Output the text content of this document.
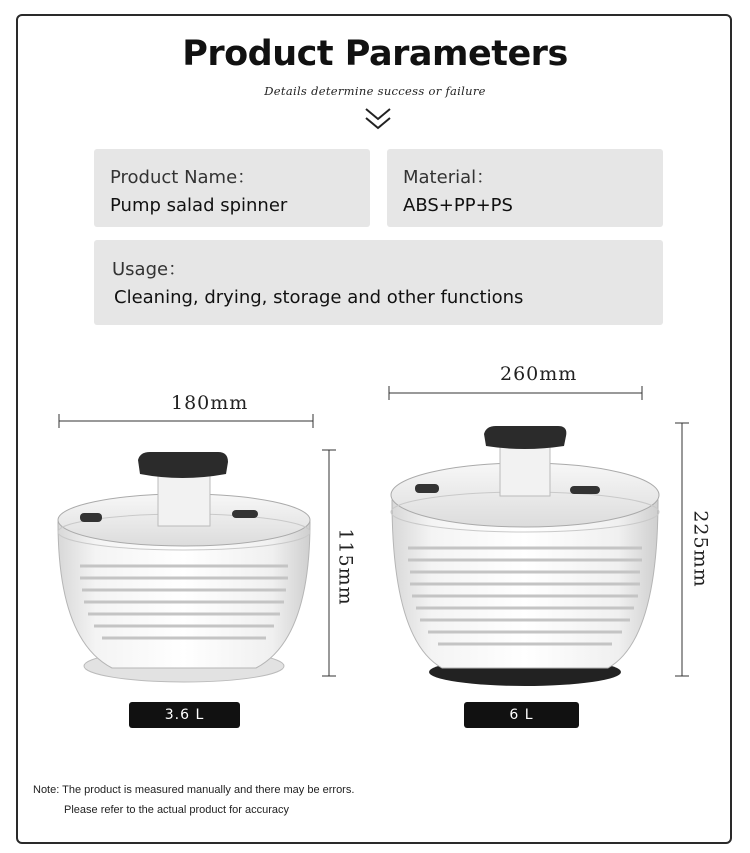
Product Parameters
Details determine success or failure
Product Name：
Pump salad spinner
Material：
ABS+PP+PS
Usage：
Cleaning, drying, storage and other functions
180mm
260mm
115mm	225mm
3.6 L	6 L
Note: The product is measured manually and there may be errors.
Please refer to the actual product for accuracy
